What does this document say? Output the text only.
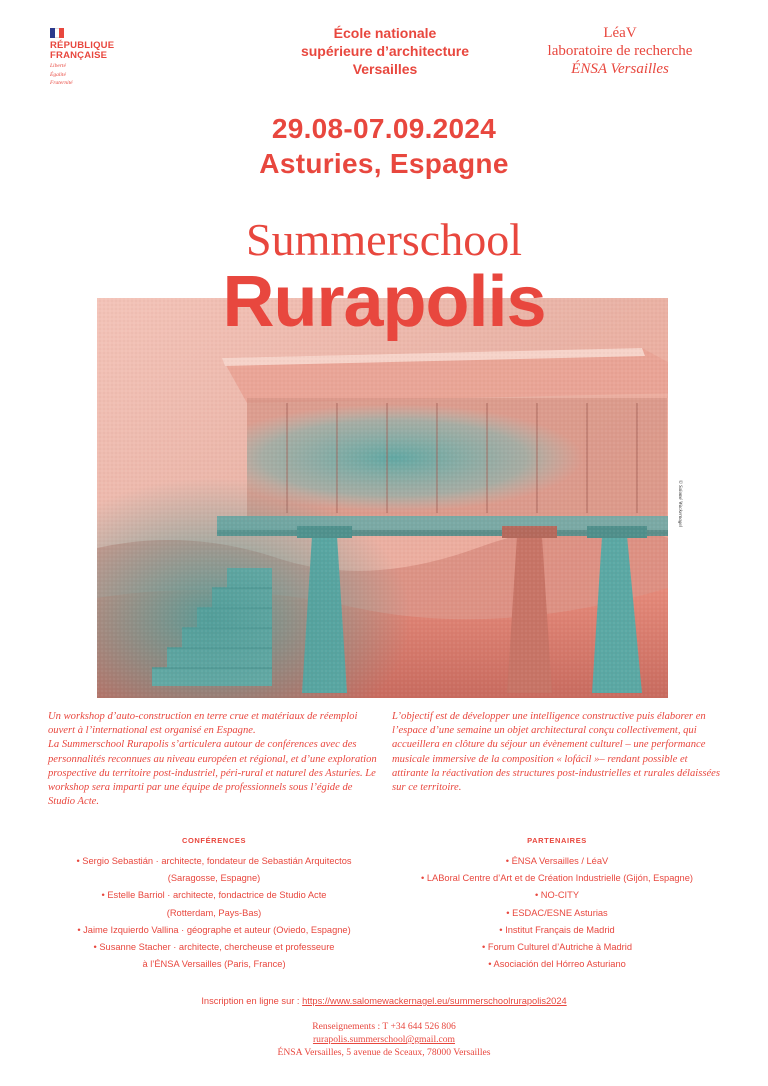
RÉPUBLIQUE
FRANÇAISE
Liberté
Égalité
Fraternité
École nationale
supérieure d’architecture
Versailles
LéaV
laboratoire de recherche
ÉNSA Versailles
29.08-07.09.2024
Asturies, Espagne
Summerschool
Rurapolis
© Salomé Wackernagel

Un workshop d’auto-construction en terre crue et matériaux de réemploi ouvert à l’international est organisé en Espagne.

La Summerschool Rurapolis s’articulera autour de conférences avec des personnalités reconnues au niveau européen et régional, et d’une exploration prospective du territoire post-industriel, péri-rural et naturel des Asturies. Le workshop sera imparti par une équipe de professionnels sous l’égide de Studio Acte.

L’objectif est de développer une intelligence constructive puis élaborer en l’espace d’une semaine un objet architectural conçu collectivement, qui accueillera en clôture du séjour un évènement culturel – une performance musicale immersive de la composition « lofácil »– rendant possible et attirante la réactivation des structures post-industrielles et rurales délaissées sur ce territoire.

CONFÉRENCES
• Sergio Sebastián · architecte, fondateur de Sebastián Arquitectos
(Saragosse, Espagne)
• Estelle Barriol · architecte, fondactrice de Studio Acte
(Rotterdam, Pays-Bas)
• Jaime Izquierdo Vallina · géographe et auteur (Oviedo, Espagne)
• Susanne Stacher · architecte, chercheuse et professeure
à l’ÉNSA Versailles (Paris, France)
PARTENAIRES
• ÉNSA Versailles / LéaV
• LABoral Centre d’Art et de Création Industrielle (Gijón, Espagne)
• NO-CITY
• ESDAC/ESNE Asturias
• Institut Français de Madrid
• Forum Culturel d’Autriche à Madrid
• Asociación del Hórreo Asturiano
Inscription en ligne sur : https://www.salomewackernagel.eu/summerschoolrurapolis2024
Renseignements : T +34 644 526 806
rurapolis.summerschool@gmail.com
ÉNSA Versailles, 5 avenue de Sceaux, 78000 Versailles
